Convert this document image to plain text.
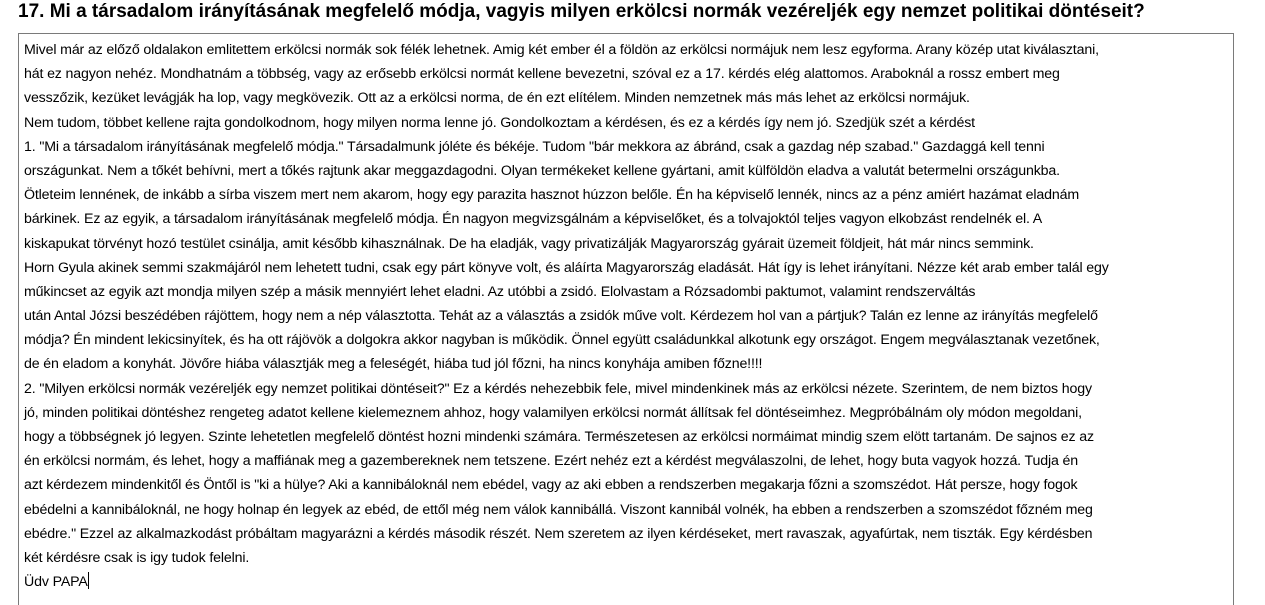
17. Mi a társadalom irányításának megfelelő módja, vagyis milyen erkölcsi normák vezérelјék egy nemzet politikai döntéseit?
Mivel már az előző oldalakon emlitettem erkölcsi normák sok félék lehetnek. Amig két ember él a földön az erkölcsi normájuk nem lesz egyforma. Arany közép utat kiválasztani,
hát ez nagyon nehéz. Mondhatnám a többség, vagy az erősebb erkölcsi normát kellene bevezetni, szóval ez a 17. kérdés elég alattomos. Araboknál a rossz embert meg
vesszőzik, kezüket levágják ha lop, vagy megkövezik. Ott az a erkölcsi norma, de én ezt elítélem. Minden nemzetnek más más lehet az erkölcsi normájuk.
Nem tudom, többet kellene rajta gondolkodnom, hogy milyen norma lenne jó. Gondolkoztam a kérdésen, és ez a kérdés így nem jó. Szedjük szét a kérdést
1. "Mi a társadalom irányításának megfelelő módja." Társadalmunk jóléte és békéje. Tudom "bár mekkora az ábránd, csak a gazdag nép szabad." Gazdaggá kell tenni
országunkat. Nem a tőkét behívni, mert a tőkés rajtunk akar meggazdagodni. Olyan termékeket kellene gyártani, amit külföldön eladva a valutát betermelni országunkba.
Ötleteim lennének, de inkább a sírba viszem mert nem akarom, hogy egy parazita hasznot húzzon belőle. Én ha képviselő lennék, nincs az a pénz amiért hazámat eladnám
bárkinek. Ez az egyik, a társadalom irányításának megfelelő módja. Én nagyon megvizsgálnám a képviselőket, és a tolvajoktól teljes vagyon elkobzást rendelnék el. A
kiskapukat törvényt hozó testület csinálja, amit később kihasználnak. De ha eladják, vagy privatizálják Magyarország gyárait üzemeit földjeit, hát már nincs semmink.
Horn Gyula akinek semmi szakmájáról nem lehetett tudni, csak egy párt könyve volt, és aláírta Magyarország eladását. Hát így is lehet irányítani. Nézze két arab ember talál egy
műkincset az egyik azt mondja milyen szép a másik mennyiért lehet eladni. Az utóbbi a zsidó. Elolvastam a Rózsadombi paktumot, valamint rendszerváltás
után Antal Józsi beszédében rájöttem, hogy nem a nép választotta. Tehát az a választás a zsidók műve volt. Kérdezem hol van a pártjuk? Talán ez lenne az irányítás megfelelő
módja? Én mindent lekicsinyítek, és ha ott rájövök a dolgokra akkor nagyban is működik. Önnel együtt családunkkal alkotunk egy országot. Engem megválasztanak vezetőnek,
de én eladom a konyhát. Jövőre hiába választják meg a feleségét, hiába tud jól főzni, ha nincs konyhája amiben főzne!!!!
2. "Milyen erkölcsi normák vezéreljék egy nemzet politikai döntéseit?" Ez a kérdés nehezebbik fele, mivel mindenkinek más az erkölcsi nézete. Szerintem, de nem biztos hogy
jó, minden politikai döntéshez rengeteg adatot kellene kielemeznem ahhoz, hogy valamilyen erkölcsi normát állítsak fel döntéseimhez. Megpróbálnám oly módon megoldani,
hogy a többségnek jó legyen. Szinte lehetetlen megfelelő döntést hozni mindenki számára. Természetesen az erkölcsi normáimat mindig szem elött tartanám. De sajnos ez az
én erkölcsi normám, és lehet, hogy a maffiának meg a gazembereknek nem tetszene. Ezért nehéz ezt a kérdést megválaszolni, de lehet, hogy buta vagyok hozzá. Tudja én
azt kérdezem mindenkitől és Öntől is "ki a hülye? Aki a kannibáloknál nem ebédel, vagy az aki ebben a rendszerben megakarja főzni a szomszédot. Hát persze, hogy fogok
ebédelni a kannibáloknál, ne hogy holnap én legyek az ebéd, de ettől még nem válok kannibállá. Viszont kannibál volnék, ha ebben a rendszerben a szomszédot főzném meg
ebédre." Ezzel az alkalmazkodást próbáltam magyarázni a kérdés második részét. Nem szeretem az ilyen kérdéseket, mert ravaszak, agyafúrtak, nem tiszták. Egy kérdésben
két kérdésre csak is igy tudok felelni.
Üdv PAPA
